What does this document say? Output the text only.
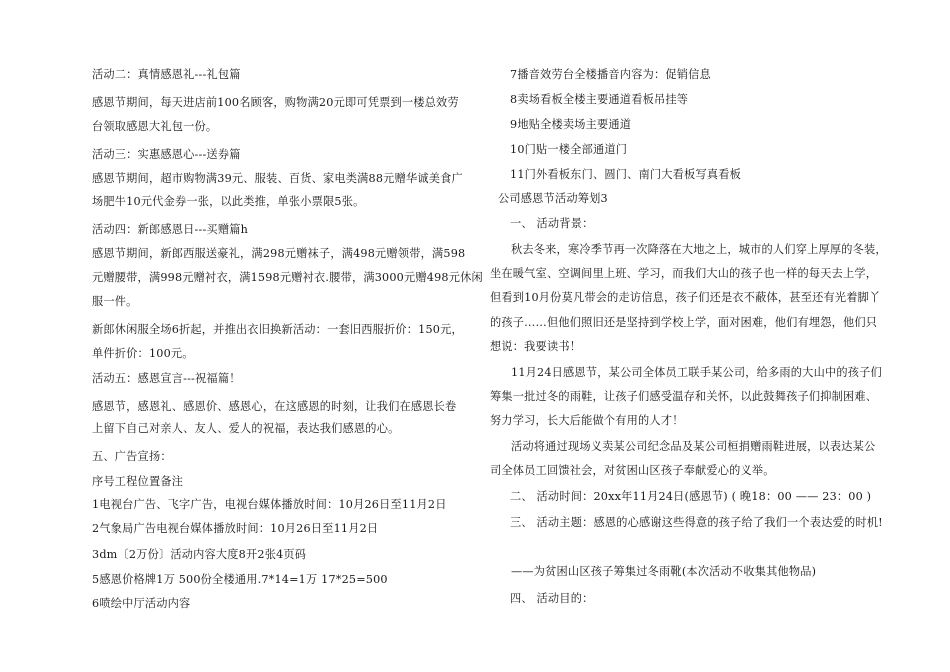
活动二：真情感恩礼---礼包篇
感恩节期间，每天进店前100名顾客，购物满20元即可凭票到一楼总效劳
台领取感恩大礼包一份。
活动三：实惠感恩心---送券篇
感恩节期间，超市购物满39元、服装、百货、家电类满88元赠华诚美食广
场肥牛10元代金券一张，以此类推，单张小票限5张。
活动四：新郎感恩日---买赠篇h
感恩节期间，新郎西服送豪礼，满298元赠袜子，满498元赠领带，满598
元赠腰带，满998元赠衬衣，满1598元赠衬衣.腰带，满3000元赠498元休闲
服一件。
新郎休闲服全场6折起，并推出衣旧换新活动：一套旧西服折价：150元，
单件折价：100元。
活动五：感恩宣言---祝福篇！
感恩节，感恩礼、感恩价、感恩心，在这感恩的时刻，让我们在感恩长卷
上留下自己对亲人、友人、爱人的祝福，表达我们感恩的心。
五、广告宣扬：
序号工程位置备注
1电视台广告、飞字广告，电视台媒体播放时间：10月26日至11月2日
2气象局广告电视台媒体播放时间：10月26日至11月2日
3dm〔2万份〕活动内容大度8开2张4页码
5感恩价格牌1万 500份全楼通用.7*14=1万 17*25=500
6喷绘中厅活动内容
7播音效劳台全楼播音内容为：促销信息
8卖场看板全楼主要通道看板吊挂等
9地贴全楼卖场主要通道
10门贴一楼全部通道门
11门外看板东门、圆门、南门大看板写真看板
公司感恩节活动筹划3
一、 活动背景：
秋去冬来，寒冷季节再一次降落在大地之上，城市的人们穿上厚厚的冬装，
坐在暖气室、空调间里上班、学习，而我们大山的孩子也一样的每天去上学，
但看到10月份莫凡带会的走访信息，孩子们还是衣不蔽体，甚至还有光着脚丫
的孩子……但他们照旧还是坚持到学校上学，面对困难，他们有埋怨，他们只
想说：我要读书！
11月24日感恩节，某公司全体员工联手某公司，给多雨的大山中的孩子们
筹集一批过冬的雨鞋，让孩子们感受温存和关怀，以此鼓舞孩子们抑制困难、
努力学习，长大后能做个有用的人才！
活动将通过现场义卖某公司纪念品及某公司桓捐赠雨鞋进展，以表达某公
司全体员工回馈社会，对贫困山区孩子奉献爱心的义举。
二、 活动时间：20xx年11月24日(感恩节) ( 晚18：00 —— 23：00 )
三、 活动主题：感恩的心感谢这些得意的孩子给了我们一个表达爱的时机!
——为贫困山区孩子筹集过冬雨靴(本次活动不收集其他物品)
四、 活动目的：
